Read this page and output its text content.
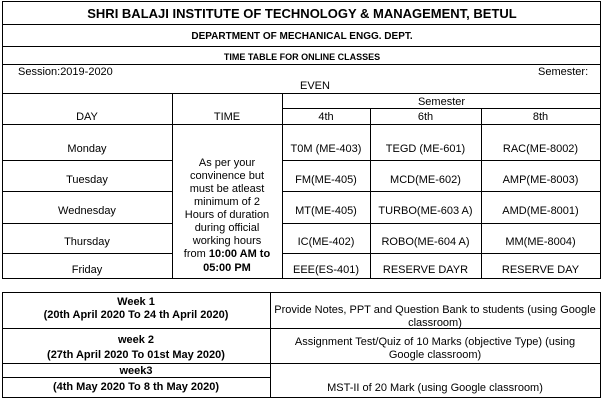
SHRI BALAJI INSTITUTE OF TECHNOLOGY & MANAGEMENT, BETUL
DEPARTMENT OF MECHANICAL ENGG. DEPT.
TIME TABLE FOR ONLINE CLASSES
Session:2019-2020	Semester:
EVEN
Semester
DAY	TIME	4th	6th	8th
As per your
convinence but
must be atleast
minimum of 2
Hours of duration
during official
working hours
from 10:00 AM to
05:00 PM
Monday	T0M (ME-403)	TEGD (ME-601)	RAC(ME-8002)
Tuesday	FM(ME-405)	MCD(ME-602)	AMP(ME-8003)
Wednesday	MT(ME-405)	TURBO(ME-603 A)	AMD(ME-8001)
Thursday	IC(ME-402)	ROBO(ME-604 A)	MM(ME-8004)
Friday	EEE(ES-401)	RESERVE DAYR	RESERVE DAY
Week 1
(20th April 2020 To 24 th April 2020)	Provide Notes, PPT and Question Bank to students (using Google
classroom)
week 2
(27th April 2020 To 01st May 2020)
Assignment Test/Quiz of 10 Marks (objective Type) (using
Google classroom)
week3
(4th May 2020 To 8 th May 2020)	MST-II of 20 Mark (using Google classroom)
